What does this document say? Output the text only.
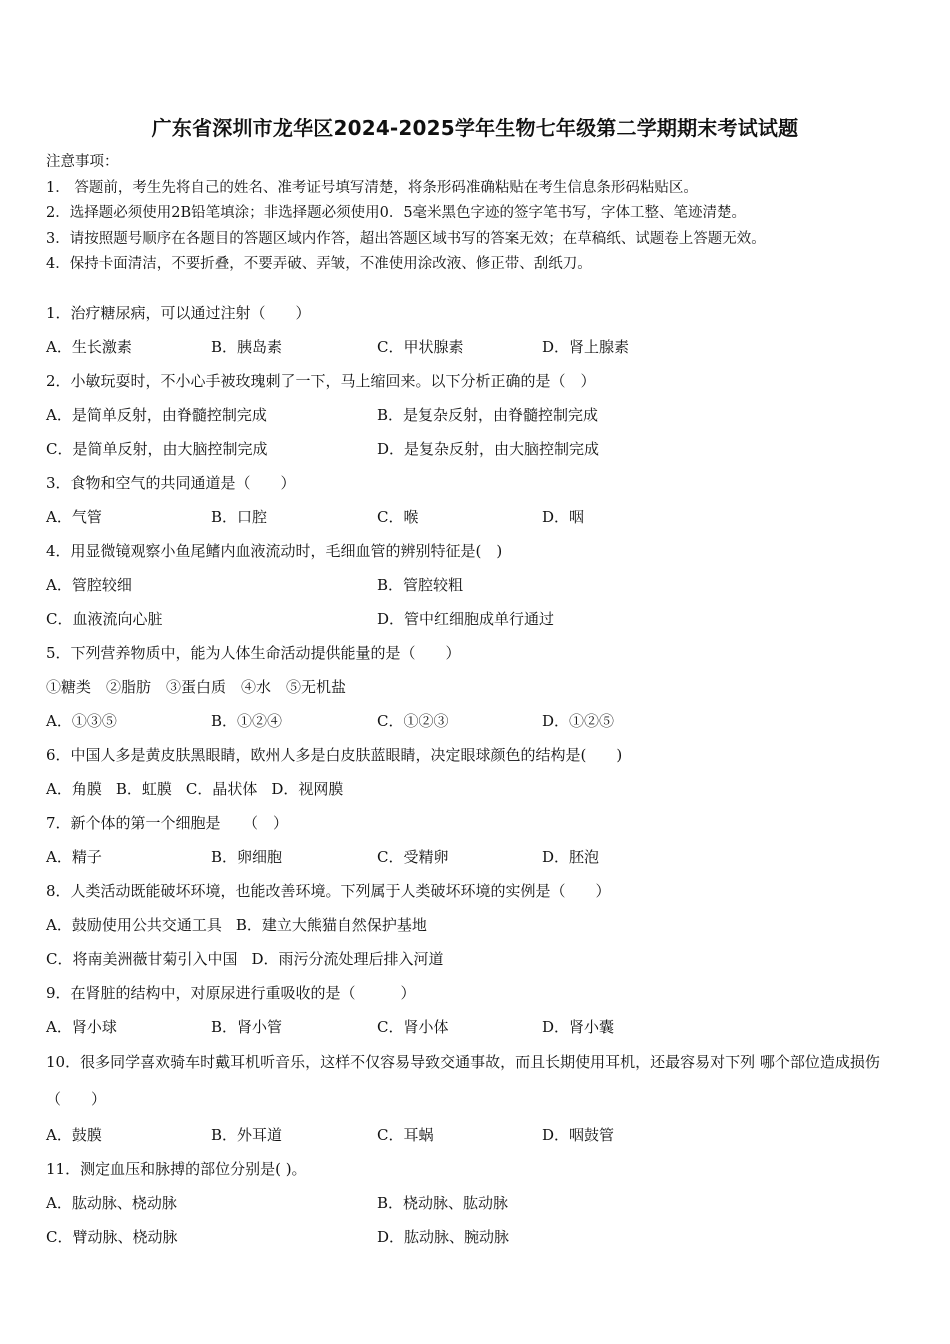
广东省深圳市龙华区2024-2025学年生物七年级第二学期期末考试试题
注意事项：
1． 答题前，考生先将自己的姓名、准考证号填写清楚，将条形码准确粘贴在考生信息条形码粘贴区。
2．选择题必须使用2B铅笔填涂；非选择题必须使用0．5毫米黑色字迹的签字笔书写，字体工整、笔迹清楚。
3．请按照题号顺序在各题目的答题区域内作答，超出答题区域书写的答案无效；在草稿纸、试题卷上答题无效。
4．保持卡面清洁，不要折叠，不要弄破、弄皱，不准使用涂改液、修正带、刮纸刀。
1．治疗糖尿病，可以通过注射（　　）
A．生长激素	B．胰岛素	C．甲状腺素	D．肾上腺素
2．小敏玩耍时，不小心手被玫瑰刺了一下，马上缩回来。以下分析正确的是（　）
A．是简单反射，由脊髓控制完成	B．是复杂反射，由脊髓控制完成
C．是简单反射，由大脑控制完成	D．是复杂反射，由大脑控制完成
3．食物和空气的共同通道是（　　）
A．气管	B．口腔	C．喉	D．咽
4．用显微镜观察小鱼尾鳍内血液流动时，毛细血管的辨别特征是(　)
A．管腔较细	B．管腔较粗
C．血液流向心脏	D．管中红细胞成单行通过
5．下列营养物质中，能为人体生命活动提供能量的是（　　）
①糖类　②脂肪　③蛋白质　④水　⑤无机盐
A．①③⑤	B．①②④	C．①②③	D．①②⑤
6．中国人多是黄皮肤黑眼睛，欧州人多是白皮肤蓝眼睛，决定眼球颜色的结构是(　　)
A．角膜 B．虹膜 C．晶状体 D．视网膜
7．新个体的第一个细胞是　　（　）
A．精子	B．卵细胞	C．受精卵	D．胚泡
8．人类活动既能破坏环境，也能改善环境。下列属于人类破坏环境的实例是（　　）
A．鼓励使用公共交通工具 B．建立大熊猫自然保护基地
C．将南美洲薇甘菊引入中国 D．雨污分流处理后排入河道
9．在肾脏的结构中，对原尿进行重吸收的是（　　　）
A．肾小球	B．肾小管	C．肾小体	D．肾小囊
10．很多同学喜欢骑车时戴耳机听音乐，这样不仅容易导致交通事故，而且长期使用耳机，还最容易对下列 哪个部位造成损伤（　　）
A．鼓膜	B．外耳道	C．耳蜗	D．咽鼓管
11．测定血压和脉搏的部位分别是( )。
A．肱动脉、桡动脉	B．桡动脉、肱动脉
C．臂动脉、桡动脉	D．肱动脉、腕动脉
